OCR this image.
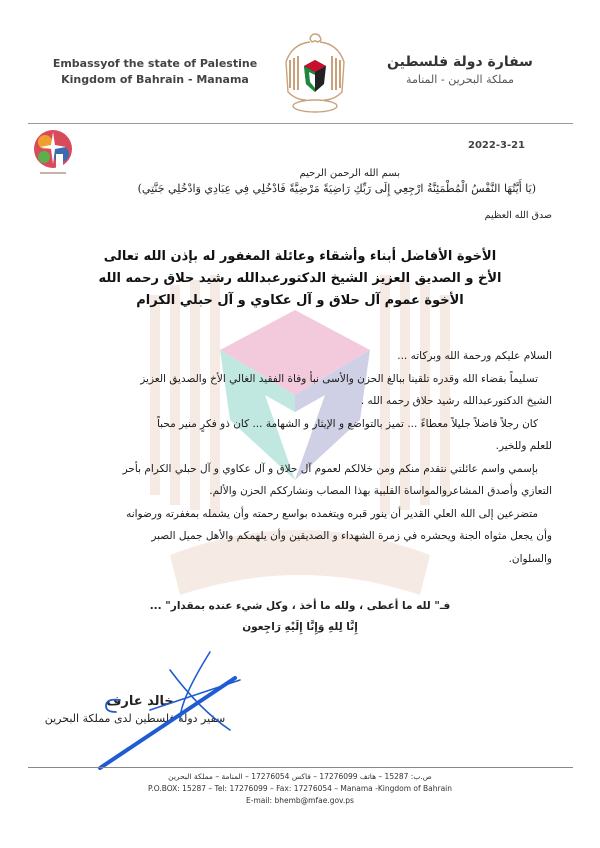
Embassyof the state of Palestine
Kingdom of Bahrain - Manama
سفارة دولة فلسطين
مملكة البحرين - المنامة
2022-3-21
بسم الله الرحمن الرحيم
(يَا أَيَّتُهَا النَّفْسُ الْمُطْمَئِنَّةُ ارْجِعِي إِلَى رَبِّكِ رَاضِيَةً مَرْضِيَّةً فَادْخُلِي فِي عِبَادِي وَادْخُلِي جَنَّتِي)
صدق الله العظيم
الأخوة الأفاضل أبناء وأشقاء وعائلة المغفور له بإذن الله تعالى
الأخ و الصديق العزيز الشيخ الدكتورعبدالله رشيد حلاق رحمه الله
الأخوة عموم آل حلاق و آل عكاوي و آل حبلي الكرام

السلام عليكم ورحمة الله وبركاته ...

تسليماً بقضاء الله وقدره تلقينا ببالغ الحزن والأسى نبأ وفاة الفقيد الغالي الأخ والصديق العزيز

الشيخ الدكتورعبدالله رشيد حلاق رحمه الله .

كان رجلاً فاضلاً جليلاً معطاءً ... تميز بالتواضع و الإيثار و الشهامة ... كان ذو فكرٍ منير محباً

للعلم وللخير.

بإسمي واسم عائلتي نتقدم منكم ومن خلالكم لعموم آل حلاق و آل عكاوي و آل حبلي الكرام بأحر

التعازي وأصدق المشاعروالمواساة القلبية بهذا المصاب ونشارككم الحزن والألم.

متضرعين إلى الله العلي القدير أن ينور قبره ويتغمده بواسع رحمته وأن يشمله بمغفرته ورضوانه

وأن يجعل مثواه الجنة ويحشره في زمرة الشهداء و الصديقين وأن يلهمكم والأهل جميل الصبر

والسلوان.

فـ" لله ما أعطى ، ولله ما أخذ ، وكل شيء عنده بمقدار" ...
إِنَّا لِلهِ وَإِنَّا إِلَيْهِ رَاجِعون
خالد عارف
سفير دولة فلسطين لدى مملكة البحرين
ص.ب: 15287 – هاتف 17276099 – فاكس 17276054 – المنامة – مملكة البحرين
P.O.BOX: 15287 – Tel: 17276099 – Fax: 17276054 – Manama -Kingdom of Bahrain
E-mail: bhemb@mfae.gov.ps
